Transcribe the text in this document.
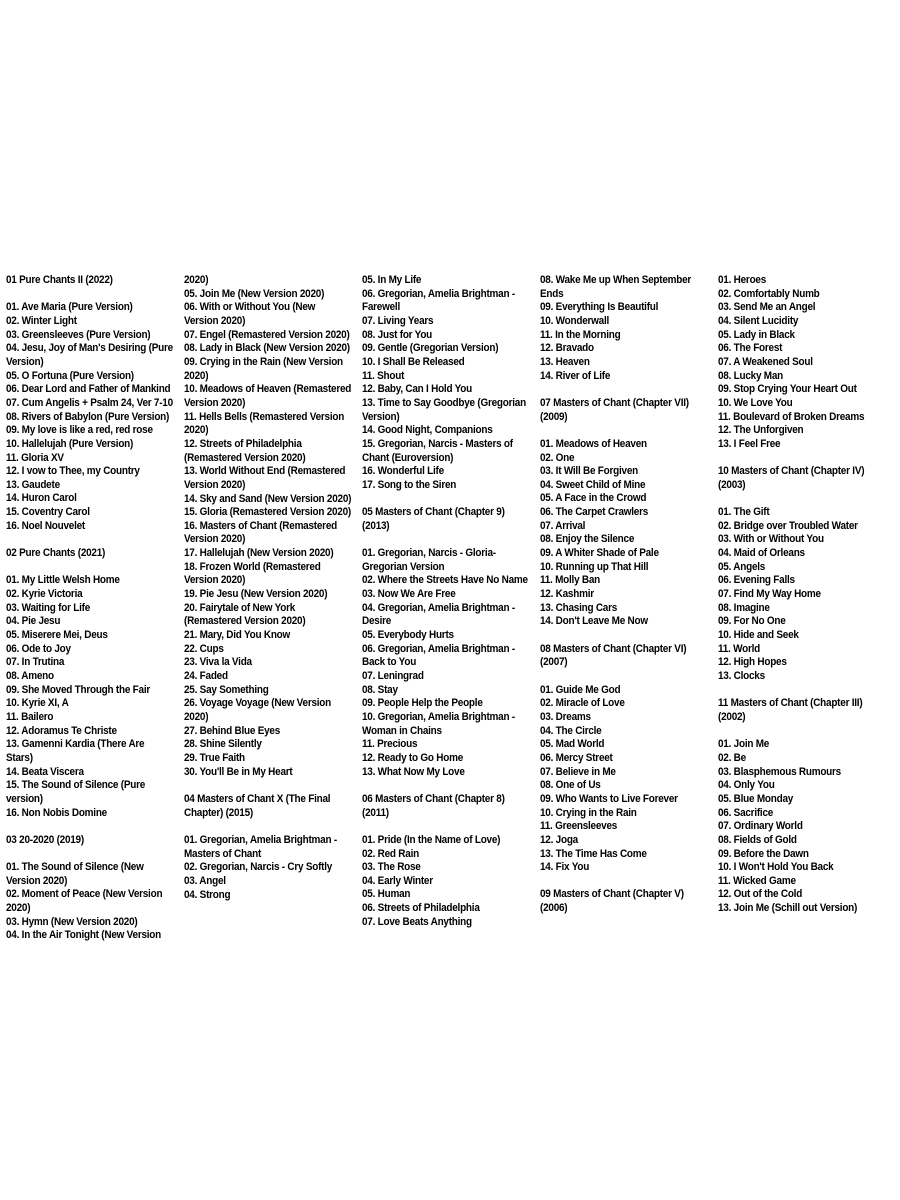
01 Pure Chants II (2022)
01. Ave Maria (Pure Version)
02. Winter Light
03. Greensleeves (Pure Version)
04. Jesu, Joy of Man's Desiring (Pure Version)
05. O Fortuna (Pure Version)
06. Dear Lord and Father of Mankind
07. Cum Angelis + Psalm 24, Ver 7-10
08. Rivers of Babylon (Pure Version)
09. My love is like a red, red rose
10. Hallelujah (Pure Version)
11. Gloria XV
12. I vow to Thee, my Country
13. Gaudete
14. Huron Carol
15. Coventry Carol
16. Noel Nouvelet
02 Pure Chants (2021)
01. My Little Welsh Home
02. Kyrie Victoria
03. Waiting for Life
04. Pie Jesu
05. Miserere Mei, Deus
06. Ode to Joy
07. In Trutina
08. Ameno
09. She Moved Through the Fair
10. Kyrie XI, A
11. Bailero
12. Adoramus Te Christe
13. Gamenni Kardia (There Are Stars)
14. Beata Viscera
15. The Sound of Silence (Pure version)
16. Non Nobis Domine
03 20-2020 (2019)
01. The Sound of Silence (New Version 2020)
02. Moment of Peace (New Version 2020)
03. Hymn (New Version 2020)
04. In the Air Tonight (New Version
2020)
05. Join Me (New Version 2020)
06. With or Without You (New Version 2020)
07. Engel (Remastered Version 2020)
08. Lady in Black (New Version 2020)
09. Crying in the Rain (New Version 2020)
10. Meadows of Heaven (Remastered Version 2020)
11. Hells Bells (Remastered Version 2020)
12. Streets of Philadelphia (Remastered Version 2020)
13. World Without End (Remastered Version 2020)
14. Sky and Sand (New Version 2020)
15. Gloria (Remastered Version 2020)
16. Masters of Chant (Remastered Version 2020)
17. Hallelujah (New Version 2020)
18. Frozen World (Remastered Version 2020)
19. Pie Jesu (New Version 2020)
20. Fairytale of New York (Remastered Version 2020)
21. Mary, Did You Know
22. Cups
23. Viva la Vida
24. Faded
25. Say Something
26. Voyage Voyage (New Version 2020)
27. Behind Blue Eyes
28. Shine Silently
29. True Faith
30. You'll Be in My Heart
04 Masters of Chant X (The Final Chapter) (2015)
01. Gregorian, Amelia Brightman - Masters of Chant
02. Gregorian, Narcis - Cry Softly
03. Angel
04. Strong
05. In My Life
06. Gregorian, Amelia Brightman - Farewell
07. Living Years
08. Just for You
09. Gentle (Gregorian Version)
10. I Shall Be Released
11. Shout
12. Baby, Can I Hold You
13. Time to Say Goodbye (Gregorian Version)
14. Good Night, Companions
15. Gregorian, Narcis - Masters of Chant (Euroversion)
16. Wonderful Life
17. Song to the Siren
05 Masters of Chant (Chapter 9) (2013)
01. Gregorian, Narcis - Gloria- Gregorian Version
02. Where the Streets Have No Name
03. Now We Are Free
04. Gregorian, Amelia Brightman - Desire
05. Everybody Hurts
06. Gregorian, Amelia Brightman - Back to You
07. Leningrad
08. Stay
09. People Help the People
10. Gregorian, Amelia Brightman - Woman in Chains
11. Precious
12. Ready to Go Home
13. What Now My Love
06 Masters of Chant (Chapter 8) (2011)
01. Pride (In the Name of Love)
02. Red Rain
03. The Rose
04. Early Winter
05. Human
06. Streets of Philadelphia
07. Love Beats Anything
08. Wake Me up When September Ends
09. Everything Is Beautiful
10. Wonderwall
11. In the Morning
12. Bravado
13. Heaven
14. River of Life
07 Masters of Chant (Chapter VII) (2009)
01. Meadows of Heaven
02. One
03. It Will Be Forgiven
04. Sweet Child of Mine
05. A Face in the Crowd
06. The Carpet Crawlers
07. Arrival
08. Enjoy the Silence
09. A Whiter Shade of Pale
10. Running up That Hill
11. Molly Ban
12. Kashmir
13. Chasing Cars
14. Don't Leave Me Now
08 Masters of Chant (Chapter VI) (2007)
01. Guide Me God
02. Miracle of Love
03. Dreams
04. The Circle
05. Mad World
06. Mercy Street
07. Believe in Me
08. One of Us
09. Who Wants to Live Forever
10. Crying in the Rain
11. Greensleeves
12. Joga
13. The Time Has Come
14. Fix You
09 Masters of Chant (Chapter V) (2006)
01. Heroes
02. Comfortably Numb
03. Send Me an Angel
04. Silent Lucidity
05. Lady in Black
06. The Forest
07. A Weakened Soul
08. Lucky Man
09. Stop Crying Your Heart Out
10. We Love You
11. Boulevard of Broken Dreams
12. The Unforgiven
13. I Feel Free
10 Masters of Chant (Chapter IV) (2003)
01. The Gift
02. Bridge over Troubled Water
03. With or Without You
04. Maid of Orleans
05. Angels
06. Evening Falls
07. Find My Way Home
08. Imagine
09. For No One
10. Hide and Seek
11. World
12. High Hopes
13. Clocks
11 Masters of Chant (Chapter III) (2002)
01. Join Me
02. Be
03. Blasphemous Rumours
04. Only You
05. Blue Monday
06. Sacrifice
07. Ordinary World
08. Fields of Gold
09. Before the Dawn
10. I Won't Hold You Back
11. Wicked Game
12. Out of the Cold
13. Join Me (Schill out Version)
